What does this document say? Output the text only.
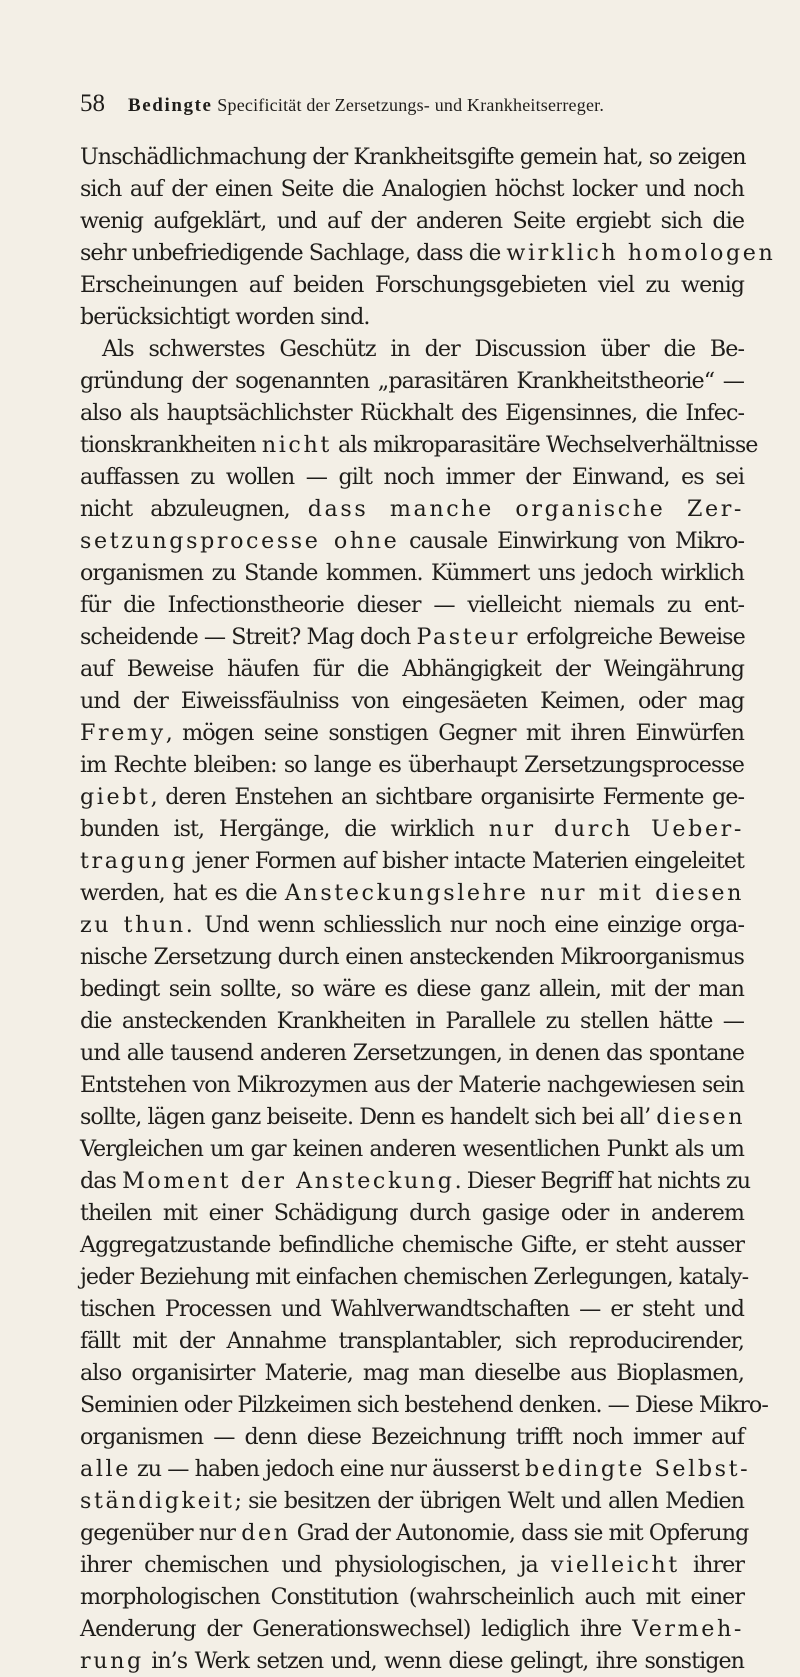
58 Bedingte Specificität der Zersetzungs- und Krankheitserreger.
Unschädlichmachung der Krankheitsgifte gemein hat, so zeigen
sich auf der einen Seite die Analogien höchst locker und noch
wenig aufgeklärt, und auf der anderen Seite ergiebt sich die
sehr unbefriedigende Sachlage, dass die wirklich homologen
Erscheinungen auf beiden Forschungsgebieten viel zu wenig
berücksichtigt worden sind.
Als schwerstes Geschütz in der Discussion über die Be-
gründung der sogenannten „parasitären Krankheitstheorie“ —
also als hauptsächlichster Rückhalt des Eigensinnes, die Infec-
tionskrankheiten nicht als mikroparasitäre Wechselverhältnisse
auffassen zu wollen — gilt noch immer der Einwand, es sei
nicht abzuleugnen, dass manche organische Zer-
setzungsprocesse ohne causale Einwirkung von Mikro-
organismen zu Stande kommen. Kümmert uns jedoch wirklich
für die Infectionstheorie dieser — vielleicht niemals zu ent-
scheidende — Streit? Mag doch Pasteur erfolgreiche Beweise
auf Beweise häufen für die Abhängigkeit der Weingährung
und der Eiweissfäulniss von eingesäeten Keimen, oder mag
Fremy, mögen seine sonstigen Gegner mit ihren Einwürfen
im Rechte bleiben: so lange es überhaupt Zersetzungsprocesse
giebt, deren Enstehen an sichtbare organisirte Fermente ge-
bunden ist, Hergänge, die wirklich nur durch Ueber-
tragung jener Formen auf bisher intacte Materien eingeleitet
werden, hat es die Ansteckungslehre nur mit diesen
zu thun. Und wenn schliesslich nur noch eine einzige orga-
nische Zersetzung durch einen ansteckenden Mikroorganismus
bedingt sein sollte, so wäre es diese ganz allein, mit der man
die ansteckenden Krankheiten in Parallele zu stellen hätte —
und alle tausend anderen Zersetzungen, in denen das spontane
Entstehen von Mikrozymen aus der Materie nachgewiesen sein
sollte, lägen ganz beiseite. Denn es handelt sich bei all’ diesen
Vergleichen um gar keinen anderen wesentlichen Punkt als um
das Moment der Ansteckung. Dieser Begriff hat nichts zu
theilen mit einer Schädigung durch gasige oder in anderem
Aggregatzustande befindliche chemische Gifte, er steht ausser
jeder Beziehung mit einfachen chemischen Zerlegungen, kataly-
tischen Processen und Wahlverwandtschaften — er steht und
fällt mit der Annahme transplantabler, sich reproducirender,
also organisirter Materie, mag man dieselbe aus Bioplasmen,
Seminien oder Pilzkeimen sich bestehend denken. — Diese Mikro-
organismen — denn diese Bezeichnung trifft noch immer auf
alle zu — haben jedoch eine nur äusserst bedingte Selbst-
ständigkeit; sie besitzen der übrigen Welt und allen Medien
gegenüber nur den Grad der Autonomie, dass sie mit Opferung
ihrer chemischen und physiologischen, ja vielleicht ihrer
morphologischen Constitution (wahrscheinlich auch mit einer
Aenderung der Generationswechsel) lediglich ihre Vermeh-
rung in’s Werk setzen und, wenn diese gelingt, ihre sonstigen
